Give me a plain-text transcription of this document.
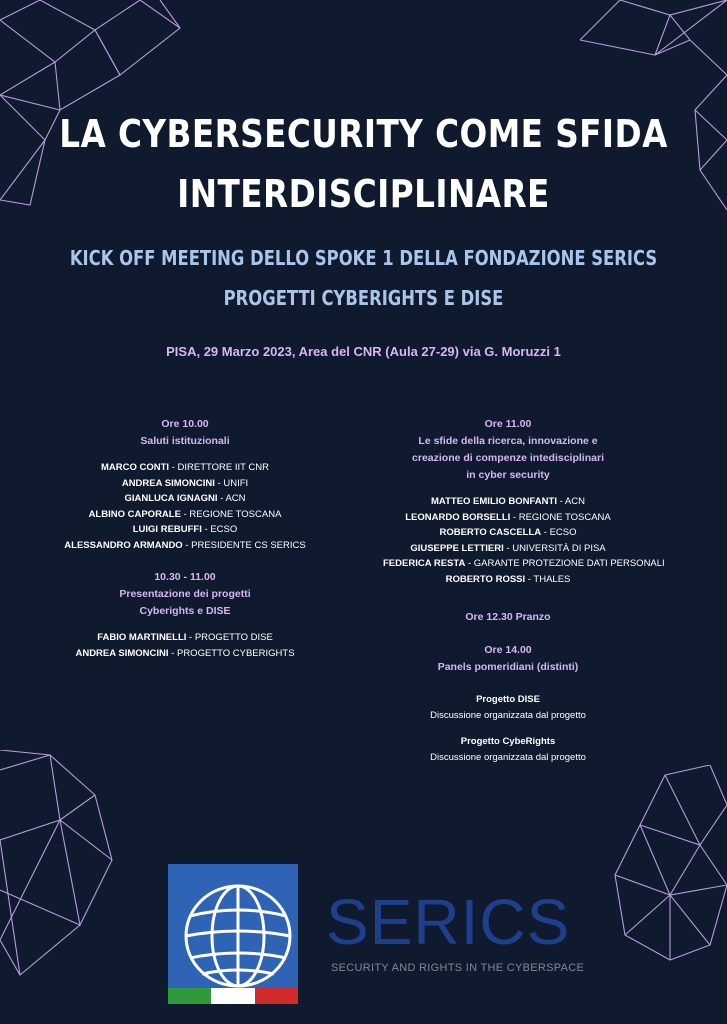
LA CYBERSECURITY COME SFIDA
INTERDISCIPLINARE
KICK OFF MEETING DELLO SPOKE 1 DELLA FONDAZIONE SERICS
PROGETTI CYBERIGHTS E DISE
PISA, 29 Marzo 2023, Area del CNR (Aula 27-29) via G. Moruzzi 1
Ore 10.00
Saluti istituzionali
MARCO CONTI - DIRETTORE IIT CNR
ANDREA SIMONCINI - UNIFI
GIANLUCA IGNAGNI - ACN
ALBINO CAPORALE - REGIONE TOSCANA
LUIGI REBUFFI - ECSO
ALESSANDRO ARMANDO - PRESIDENTE CS SERICS
10.30 - 11.00
Presentazione dei progetti
Cyberights e DISE
FABIO MARTINELLI - PROGETTO DISE
ANDREA SIMONCINI - PROGETTO CYBERIGHTS
Ore 11.00
Le sfide della ricerca, innovazione e
creazione di compenze intedisciplinari
in cyber security
MATTEO EMILIO BONFANTI - ACN
LEONARDO BORSELLI - REGIONE TOSCANA
ROBERTO CASCELLA - ECSO
GIUSEPPE LETTIERI - UNIVERSITÀ DI PISA
FEDERICA RESTA - GARANTE PROTEZIONE DATI PERSONALI
ROBERTO ROSSI - THALES
Ore 12.30 Pranzo
Ore 14.00
Panels pomeridiani (distinti)
Progetto DISE
Discussione organizzata dal progetto
Progetto CybeRights
Discussione organizzata dal progetto
SERICS
SECURITY AND RIGHTS IN THE CYBERSPACE
